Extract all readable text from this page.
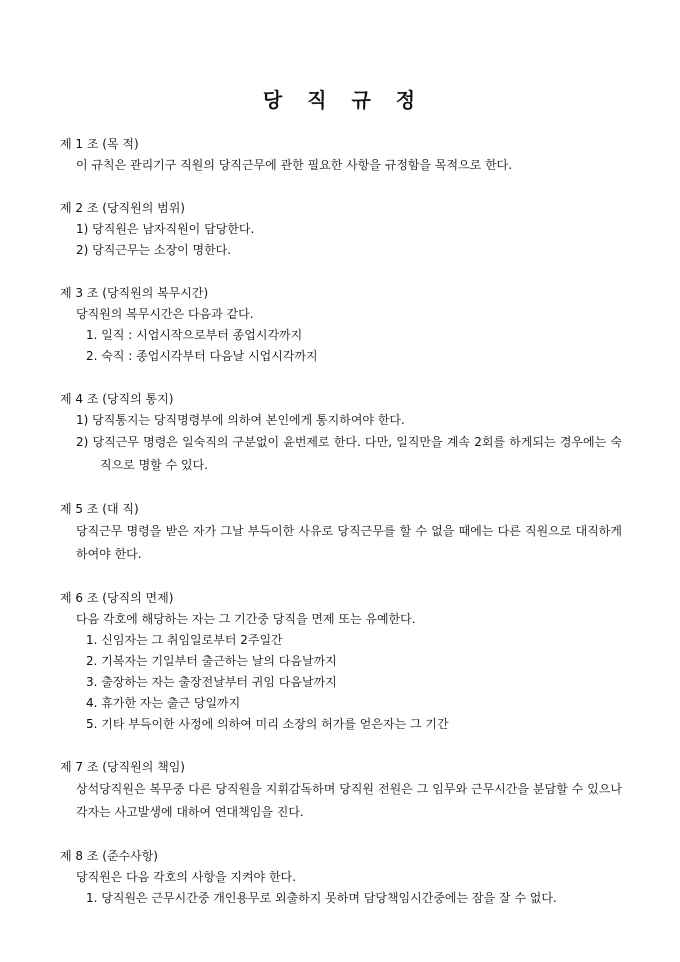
당 직 규 정
제 1 조 (목 적)
이 규칙은 관리기구 직원의 당직근무에 관한 필요한 사항을 규정함을 목적으로 한다.
제 2 조 (당직원의 범위)
1) 당직원은 남자직원이 담당한다.
2) 당직근무는 소장이 명한다.
제 3 조 (당직원의 복무시간)
당직원의 복무시간은 다음과 같다.
1. 일직 : 시업시작으로부터 종업시각까지
2. 숙직 : 종업시각부터 다음날 시업시각까지
제 4 조 (당직의 통지)
1) 당직통지는 당직명령부에 의하여 본인에게 통지하여야 한다.
2) 당직근무 명령은 일숙직의 구분없이 윤번제로 한다. 다만, 일직만을 계속 2회를 하게되는 경우에는 숙직으로 명할 수 있다.
제 5 조 (대 직)
당직근무 명령을 받은 자가 그날 부득이한 사유로 당직근무를 할 수 없을 때에는 다른 직원으로 대직하게 하여야 한다.
제 6 조 (당직의 면제)
다음 각호에 해당하는 자는 그 기간중 당직을 면제 또는 유예한다.
1. 신임자는 그 취임일로부터 2주일간
2. 기복자는 기일부터 출근하는 날의 다음날까지
3. 출장하는 자는 출장전날부터 귀임 다음날까지
4. 휴가한 자는 출근 당일까지
5. 기타 부득이한 사정에 의하여 미리 소장의 허가를 얻은자는 그 기간
제 7 조 (당직원의 책임)
상석당직원은 복무중 다른 당직원을 지휘감독하며 당직원 전원은 그 임무와 근무시간을 분담할 수 있으나 각자는 사고발생에 대하여 연대책임을 진다.
제 8 조 (준수사항)
당직원은 다음 각호의 사항을 지켜야 한다.
1. 당직원은 근무시간중 개인용무로 외출하지 못하며 담당책임시간중에는 잠을 잘 수 없다.
